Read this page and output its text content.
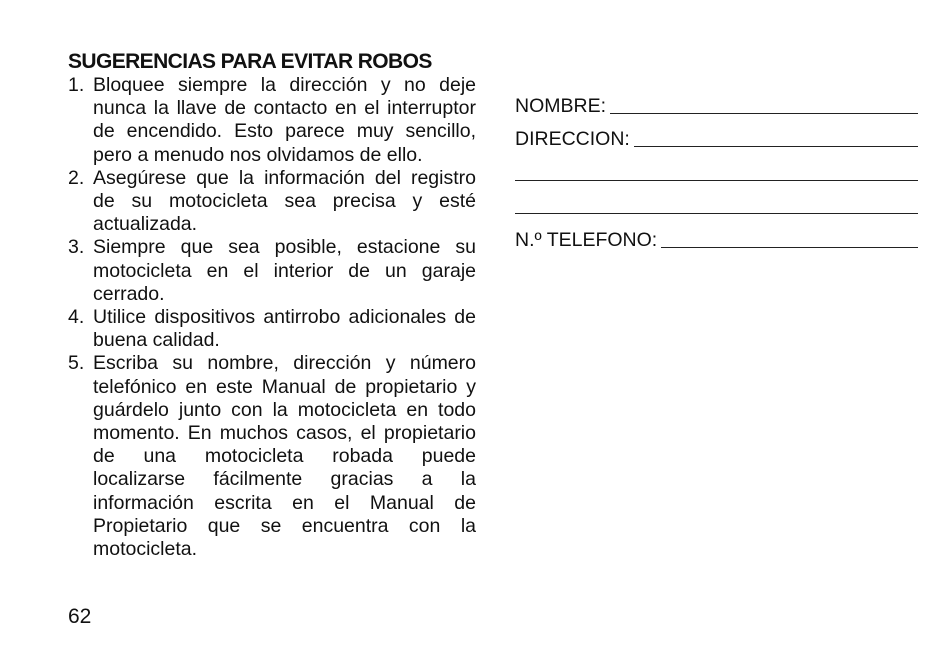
SUGERENCIAS PARA EVITAR ROBOS
1. Bloquee siempre la dirección y no deje nunca la llave de contacto en el interruptor de encendido. Esto parece muy sencillo, pero a menudo nos olvidamos de ello.
2. Asegúrese que la información del registro de su motocicleta sea precisa y esté actualizada.
3. Siempre que sea posible, estacione su motocicleta en el interior de un garaje cerrado.
4. Utilice dispositivos antirrobo adicionales de buena calidad.
5. Escriba su nombre, dirección y número telefónico en este Manual de propietario y guárdelo junto con la motocicleta en todo momento. En muchos casos, el propietario de una motocicleta robada puede localizarse fácilmente gracias a la información escrita en el Manual de Propietario que se encuentra con la motocicleta.
62
NOMBRE:
DIRECCION:
N.º TELEFONO:
